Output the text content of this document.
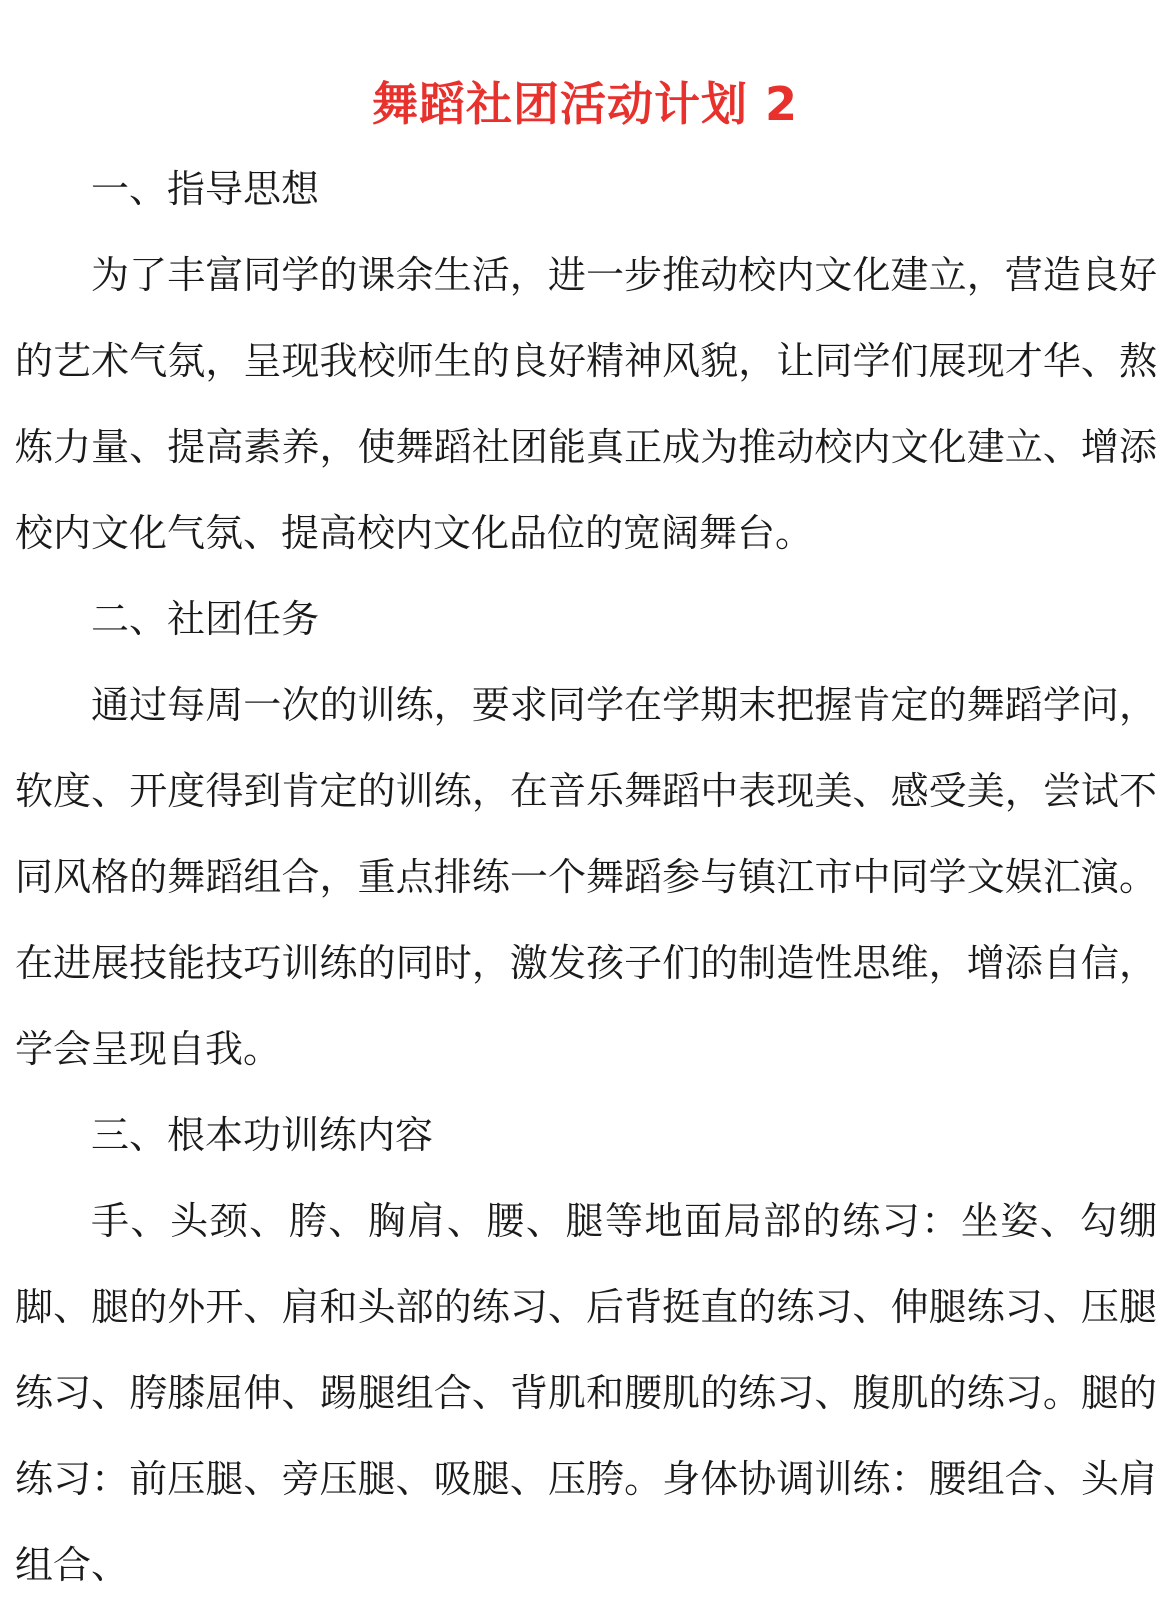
舞蹈社团活动计划 2

一、指导思想

为了丰富同学的课余生活，进一步推动校内文化建立，营造良好的艺术气氛，呈现我校师生的良好精神风貌，让同学们展现才华、熬炼力量、提高素养，使舞蹈社团能真正成为推动校内文化建立、增添校内文化气氛、提高校内文化品位的宽阔舞台。

二、社团任务

通过每周一次的训练，要求同学在学期末把握肯定的舞蹈学问，软度、开度得到肯定的训练，在音乐舞蹈中表现美、感受美，尝试不同风格的舞蹈组合，重点排练一个舞蹈参与镇江市中同学文娱汇演。在进展技能技巧训练的同时，激发孩子们的制造性思维，增添自信，学会呈现自我。

三、根本功训练内容

手、头颈、胯、胸肩、腰、腿等地面局部的练习：坐姿、勾绷脚、腿的外开、肩和头部的练习、后背挺直的练习、伸腿练习、压腿练习、胯膝屈伸、踢腿组合、背肌和腰肌的练习、腹肌的练习。腿的练习：前压腿、旁压腿、吸腿、压胯。身体协调训练：腰组合、头肩组合、
